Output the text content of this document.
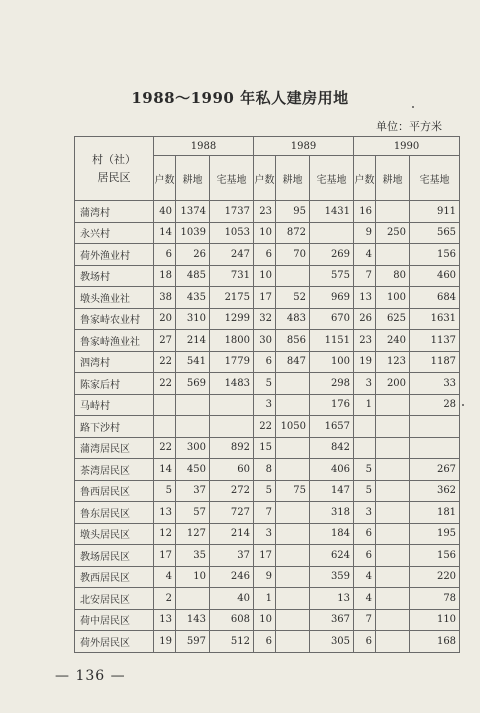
1988～1990 年私人建房用地
单位：平方米
村（社）
居民区	1988			1989			1990		
	户数	耕地	宅基地	户数	耕地	宅基地	户数	耕地	宅基地
蒲湾村	40	1374	1737	23	95	1431	16		911
永兴村	14	1039	1053	10	872		9	250	565
荷外渔业村	6	26	247	6	70	269	4		156
教场村	18	485	731	10		575	7	80	460
墩头渔业社	38	435	2175	17	52	969	13	100	684
鲁家峙农业村	20	310	1299	32	483	670	26	625	1631
鲁家峙渔业社	27	214	1800	30	856	1151	23	240	1137
泗湾村	22	541	1779	6	847	100	19	123	1187
陈家后村	22	569	1483	5		298	3	200	33
马峙村				3		176	1		28
路下沙村				22	1050	1657			
蒲湾居民区	22	300	892	15		842			
茶湾居民区	14	450	60	8		406	5		267
鲁西居民区	5	37	272	5	75	147	5		362
鲁东居民区	13	57	727	7		318	3		181
墩头居民区	12	127	214	3		184	6		195
教场居民区	17	35	37	17		624	6		156
教西居民区	4	10	246	9		359	4		220
北安居民区	2		40	1		13	4		78
荷中居民区	13	143	608	10		367	7		110
荷外居民区	19	597	512	6		305	6		168
— 136 —
